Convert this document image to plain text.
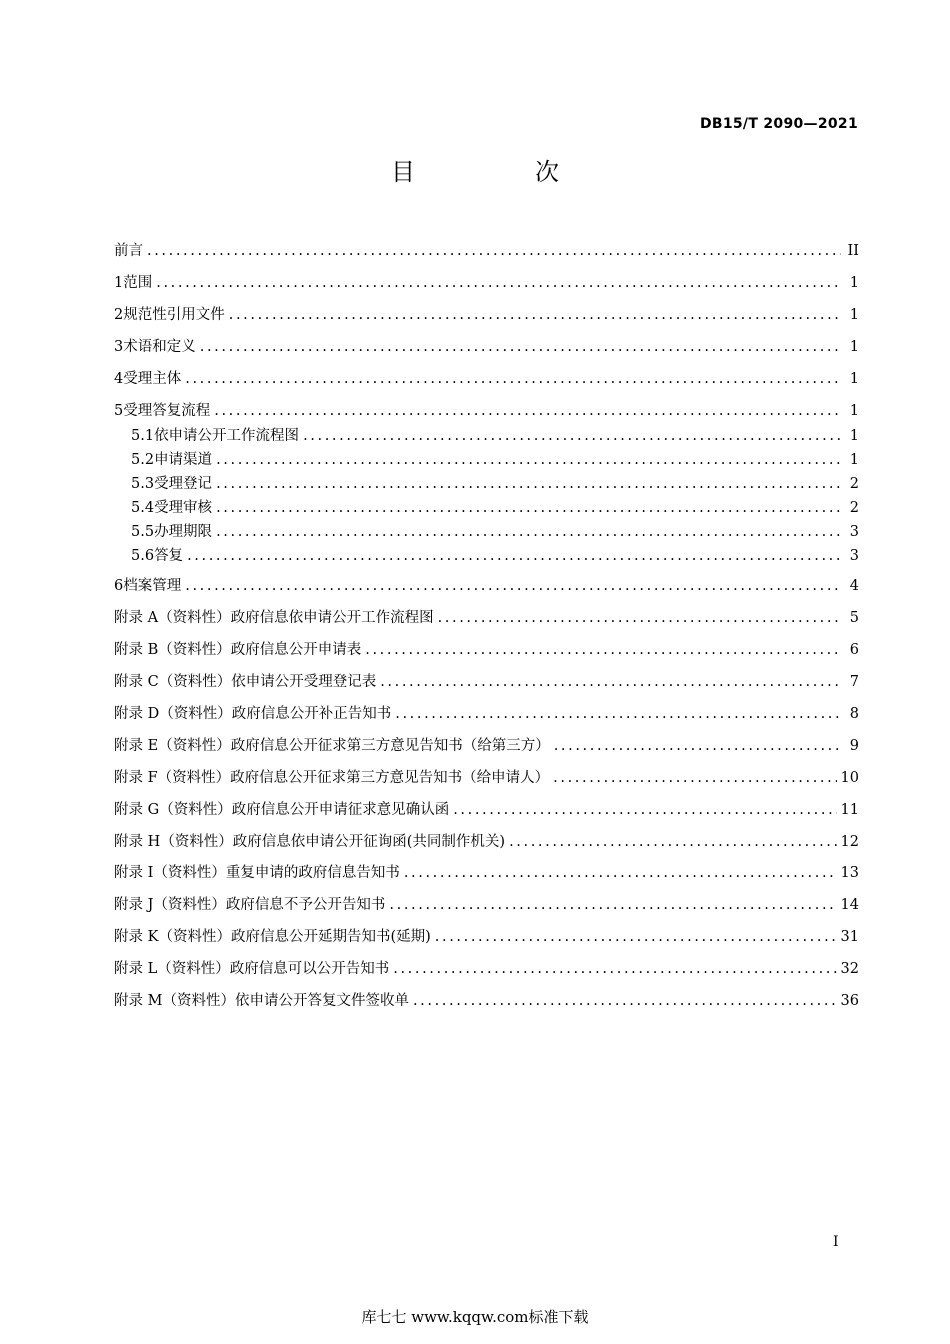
DB15/T 2090—2021
目　次
前言 .....	II
1 范围 .....	1
2 规范性引用文件 .....	1
3 术语和定义 .....	1
4 受理主体 .....	1
5 受理答复流程 .....	1
5.1 依申请公开工作流程图 .....	1
5.2 申请渠道 .....	1
5.3 受理登记 .....	2
5.4 受理审核 .....	2
5.5 办理期限 .....	3
5.6 答复 .....	3
6 档案管理 .....	4
附录 A（资料性） 政府信息依申请公开工作流程图 .....	5
附录 B（资料性） 政府信息公开申请表 .....	6
附录 C（资料性） 依申请公开受理登记表 .....	7
附录 D（资料性） 政府信息公开补正告知书 .....	8
附录 E（资料性） 政府信息公开征求第三方意见告知书（给第三方） .....	9
附录 F（资料性） 政府信息公开征求第三方意见告知书（给申请人） .....	10
附录 G（资料性） 政府信息公开申请征求意见确认函 .....	11
附录 H（资料性） 政府信息依申请公开征询函(共同制作机关) .....	12
附录 I（资料性） 重复申请的政府信息告知书 .....	13
附录 J（资料性） 政府信息不予公开告知书 .....	14
附录 K（资料性） 政府信息公开延期告知书(延期) .....	31
附录 L（资料性） 政府信息可以公开告知书 .....	32
附录 M（资料性） 依申请公开答复文件签收单 .....	36
I
库七七 www.kqqw.com标准下载
